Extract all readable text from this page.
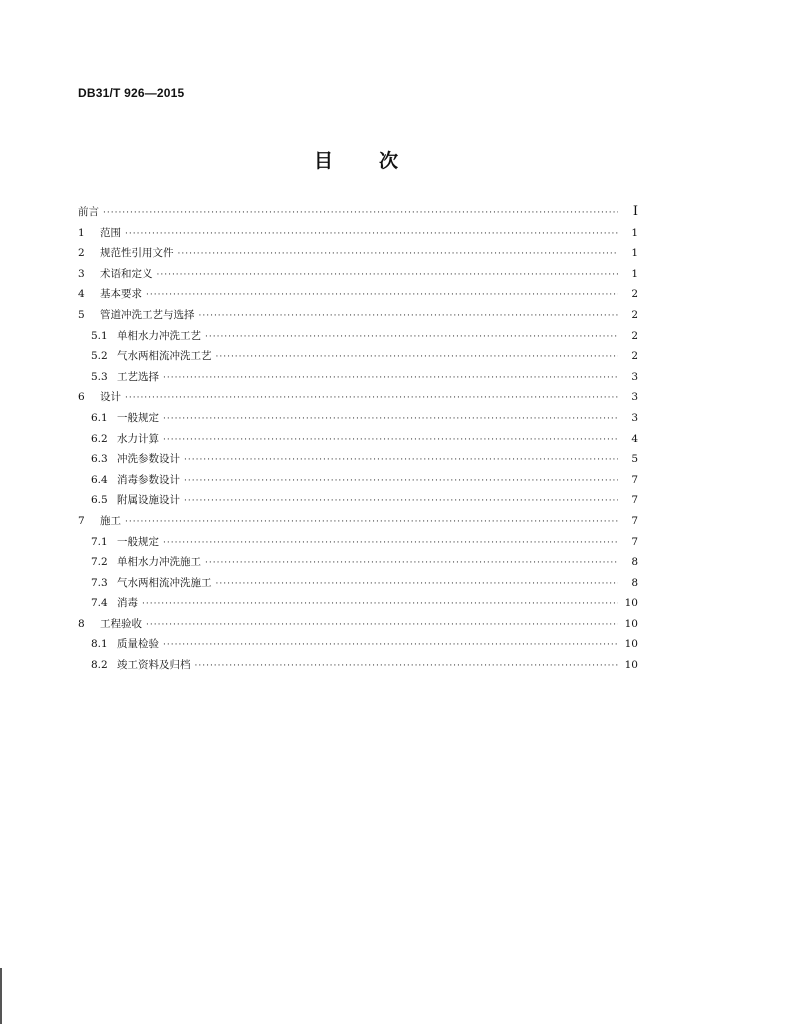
DB31/T 926—2015
目 次
前言 ·····	I
1	范围 ·····	1
2	规范性引用文件 ·····	1
3	术语和定义 ·····	1
4	基本要求 ·····	2
5	管道冲洗工艺与选择 ·····	2
5.1 单相水力冲洗工艺 ·····	2
5.2 气水两相流冲洗工艺 ·····	2
5.3 工艺选择 ·····	3
6	设计 ·····	3
6.1 一般规定 ·····	3
6.2 水力计算 ·····	4
6.3 冲洗参数设计 ·····	5
6.4 消毒参数设计 ·····	7
6.5 附属设施设计 ·····	7
7	施工 ·····	7
7.1 一般规定 ·····	7
7.2 单相水力冲洗施工 ·····	8
7.3 气水两相流冲洗施工 ·····	8
7.4 消毒 ·····	10
8	工程验收 ·····	10
8.1 质量检验 ·····	10
8.2 竣工资料及归档 ·····	10
